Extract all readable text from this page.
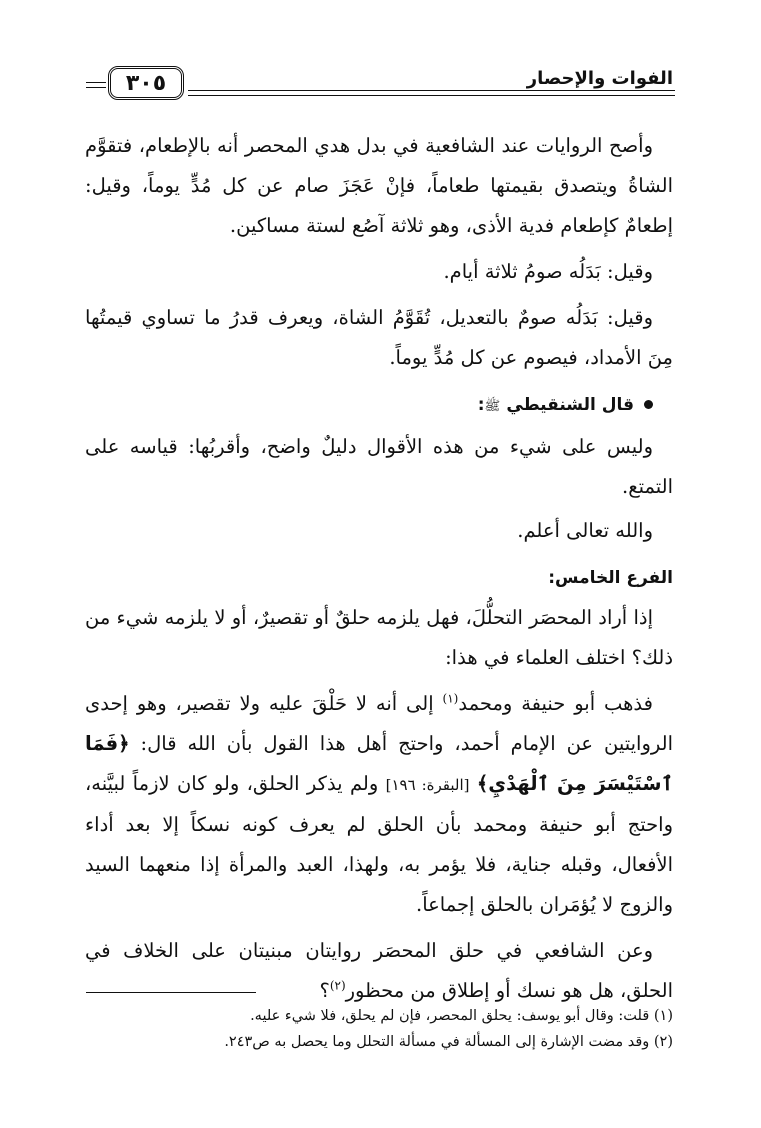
الفوات والإحصار
٣٠٥

وأصح الروايات عند الشافعية في بدل هدي المحصر أنه بالإطعام، فتقوَّم الشاةُ ويتصدق بقيمتها طعاماً، فإنْ عَجَزَ صام عن كل مُدٍّ يوماً، وقيل: إطعامٌ كإطعام فدية الأذى، وهو ثلاثة آصُع لستة مساكين.

وقيل: بَدَلُه صومُ ثلاثة أيام.

وقيل: بَدَلُه صومٌ بالتعديل، تُقَوَّمُ الشاة، ويعرف قدرُ ما تساوي قيمتُها مِنَ الأمداد، فيصوم عن كل مُدٍّ يوماً.

قال الشنقيطي ﷺ:

وليس على شيء من هذه الأقوال دليلٌ واضح، وأقربُها: قياسه على التمتع.

والله تعالى أعلم.

الفرع الخامس:

إذا أراد المحصَر التحلُّلَ، فهل يلزمه حلقٌ أو تقصيرٌ، أو لا يلزمه شيء من ذلك؟ اختلف العلماء في هذا:

فذهب أبو حنيفة ومحمد$^{(١)}$ إلى أنه لا حَلْقَ عليه ولا تقصير، وهو إحدى الروايتين عن الإمام أحمد، واحتج أهل هذا القول بأن الله قال: ﴿فَمَا ٱسْتَيْسَرَ مِنَ ٱلْهَدْيِ﴾ [البقرة: ١٩٦] ولم يذكر الحلق، ولو كان لازماً لبيَّنه، واحتج أبو حنيفة ومحمد بأن الحلق لم يعرف كونه نسكاً إلا بعد أداء الأفعال، وقبله جناية، فلا يؤمر به، ولهذا، العبد والمرأة إذا منعهما السيد والزوج لا يُؤمَران بالحلق إجماعاً.

وعن الشافعي في حلق المحصَر روايتان مبنيتان على الخلاف في الحلق، هل هو نسك أو إطلاق من محظور$^{(٢)}$؟

(١) قلت: وقال أبو يوسف: يحلق المحصر، فإن لم يحلق، فلا شيء عليه.

(٢) وقد مضت الإشارة إلى المسألة في مسألة التحلل وما يحصل به ص٢٤٣.
